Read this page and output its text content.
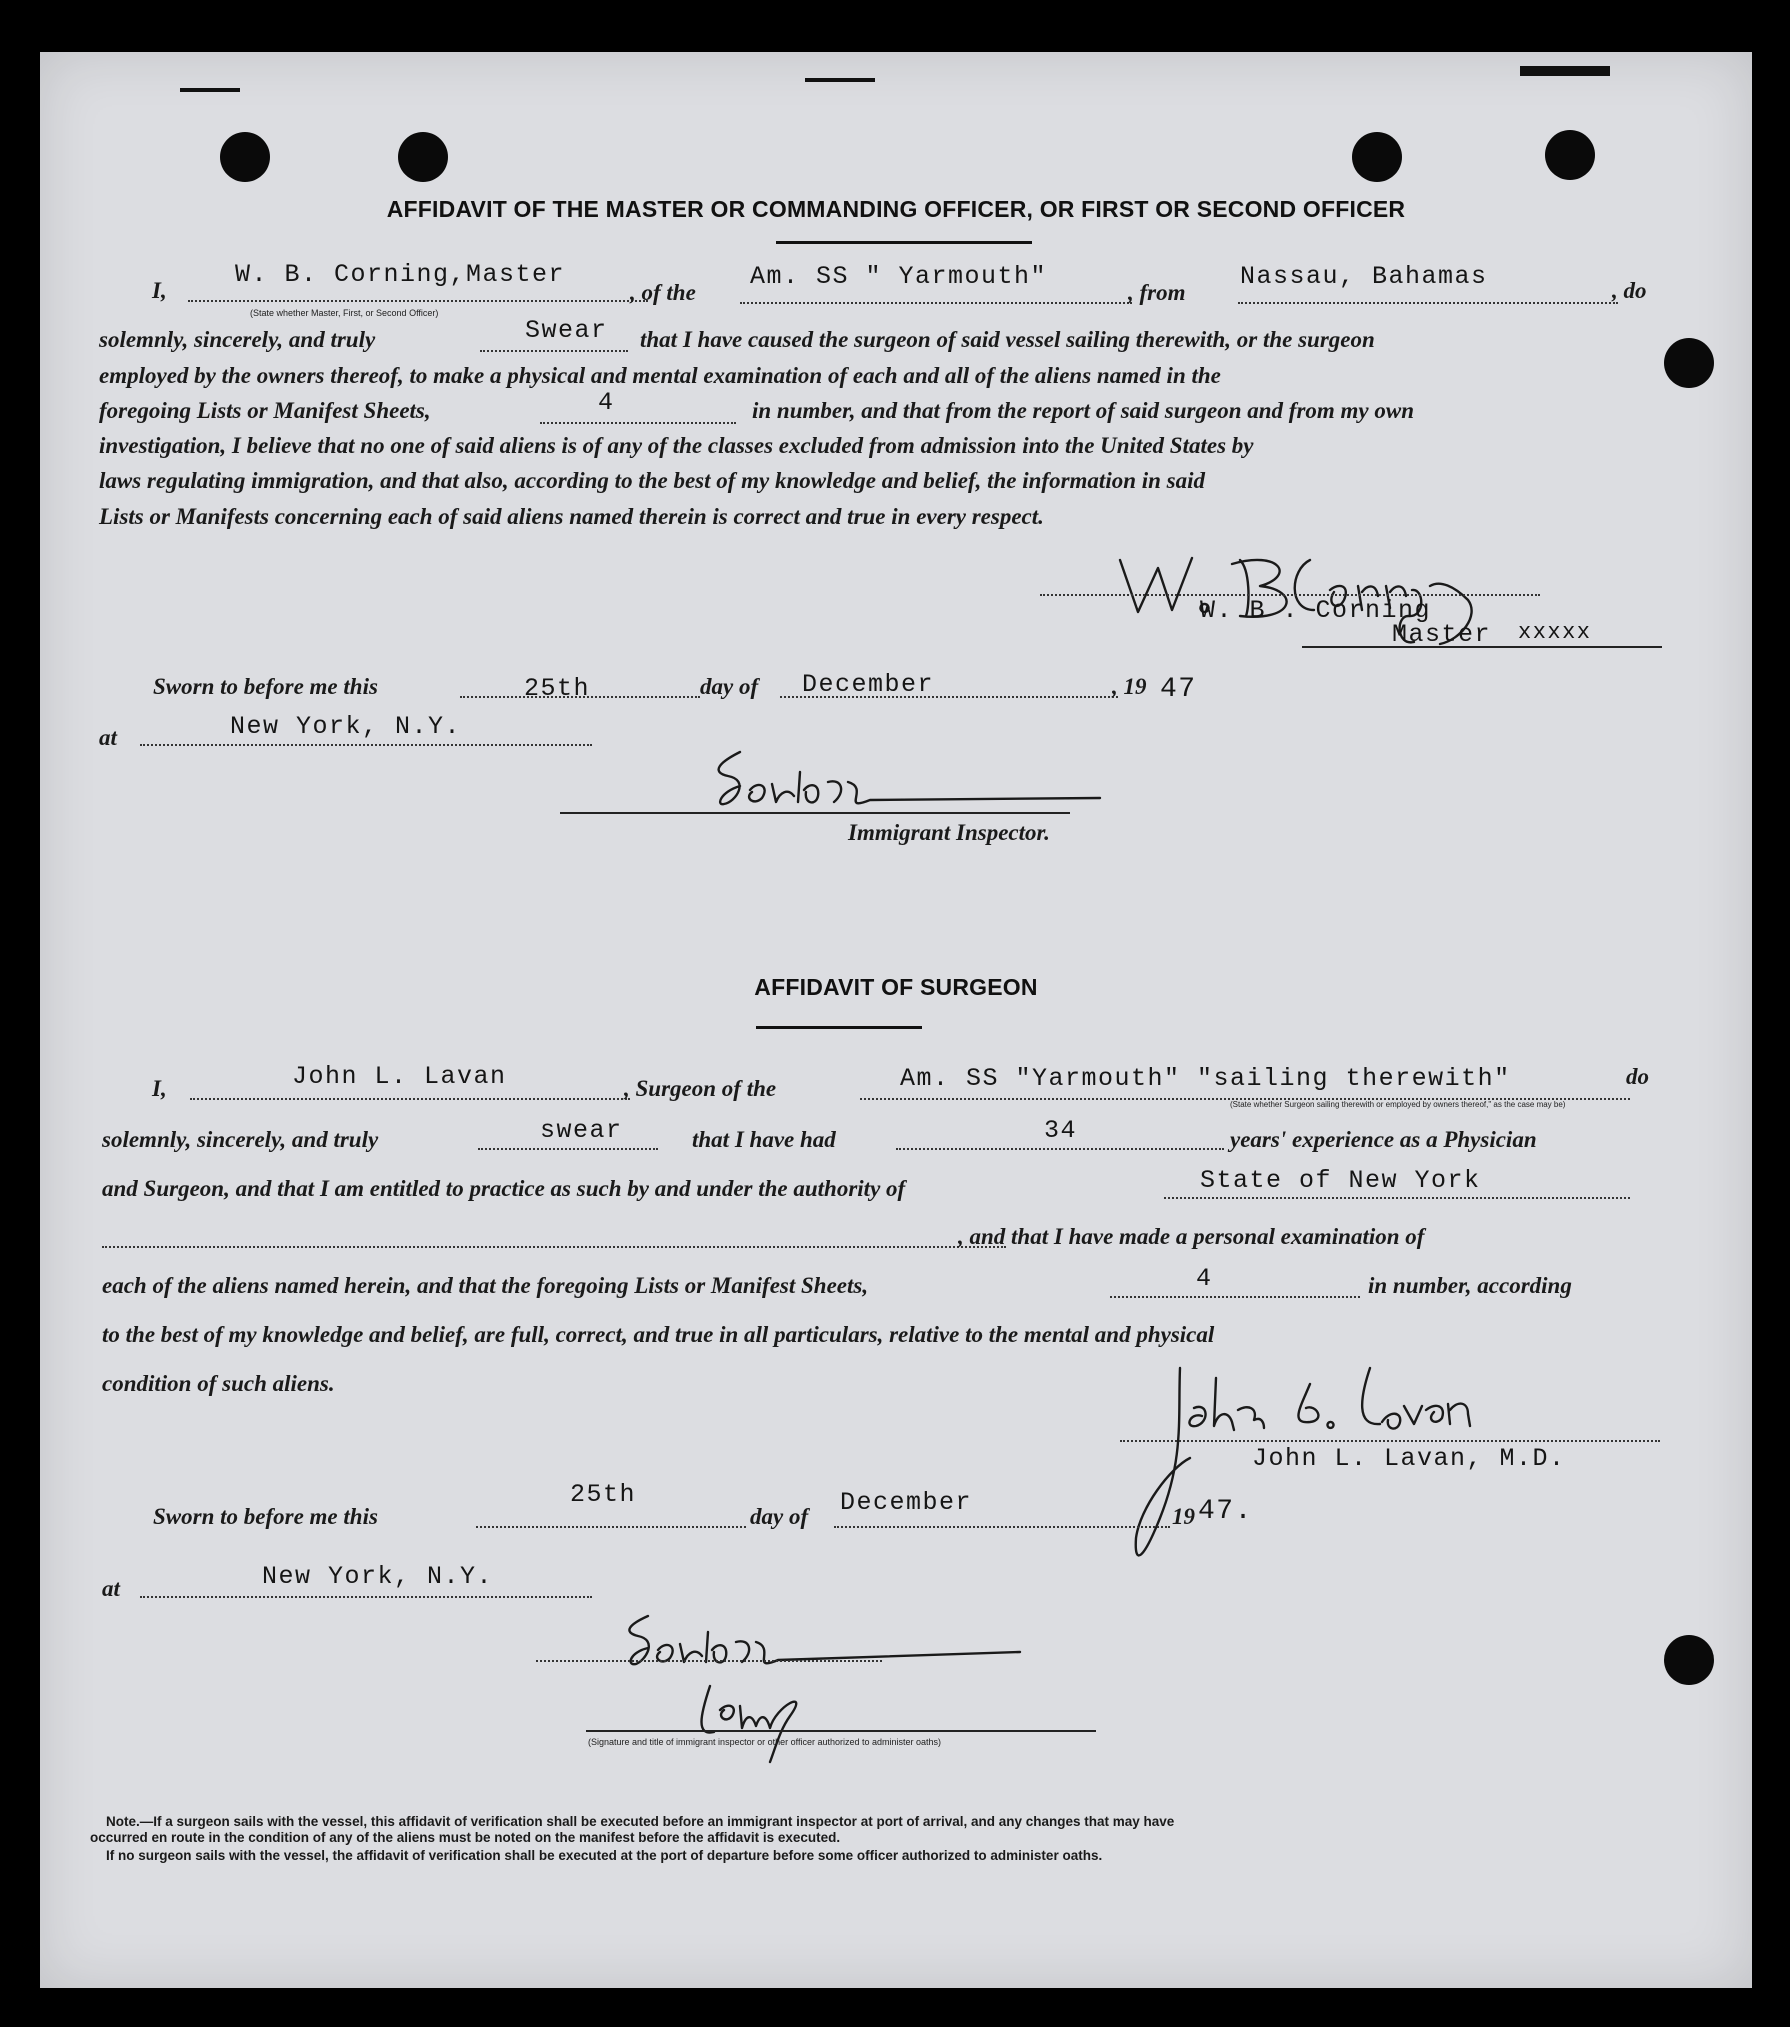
AFFIDAVIT OF THE MASTER OR COMMANDING OFFICER, OR FIRST OR SECOND OFFICER
I,
W. B. Corning,Master
(State whether Master, First, or Second Officer)
, of the
Am. SS " Yarmouth"
, from
Nassau, Bahamas	, do
solemnly, sincerely, and truly	Swear that I have caused the surgeon of said vessel sailing therewith, or the surgeon
employed by the owners thereof, to make a physical and mental examination of each and all of the aliens named in the
foregoing Lists or Manifest Sheets,	4	in number, and that from the report of said surgeon and from my own
investigation, I believe that no one of said aliens is of any of the classes excluded from admission into the United States by
laws regulating immigration, and that also, according to the best of my knowledge and belief, the information in said
Lists or Manifests concerning each of said aliens named therein is correct and true in every respect.
W. B . Corning
Master xxxxx
Sworn to before me this	25th	day of December	, 19 47
at	New York, N.Y.
Immigrant Inspector.
AFFIDAVIT OF SURGEON
I,	John L. Lavan	, Surgeon of the	Am. SS "Yarmouth" "sailing therewith"	do
(State whether Surgeon sailing therewith or employed by owners thereof," as the case may be)
solemnly, sincerely, and truly	swear	that I have had	34	years' experience as a Physician
and Surgeon, and that I am entitled to practice as such by and under the authority of	State of New York
, and that I have made a personal examination of
each of the aliens named herein, and that the foregoing Lists or Manifest Sheets,	4	in number, according
to the best of my knowledge and belief, are full, correct, and true in all particulars, relative to the mental and physical
condition of such aliens.
John L. Lavan, M.D.
Sworn to before me this
25th
day of December	19 47.
at	New York, N.Y.
(Signature and title of immigrant inspector or other officer authorized to administer oaths)
Note.—If a surgeon sails with the vessel, this affidavit of verification shall be executed before an immigrant inspector at port of arrival, and any changes that may have
occurred en route in the condition of any of the aliens must be noted on the manifest before the affidavit is executed.
If no surgeon sails with the vessel, the affidavit of verification shall be executed at the port of departure before some officer authorized to administer oaths.
